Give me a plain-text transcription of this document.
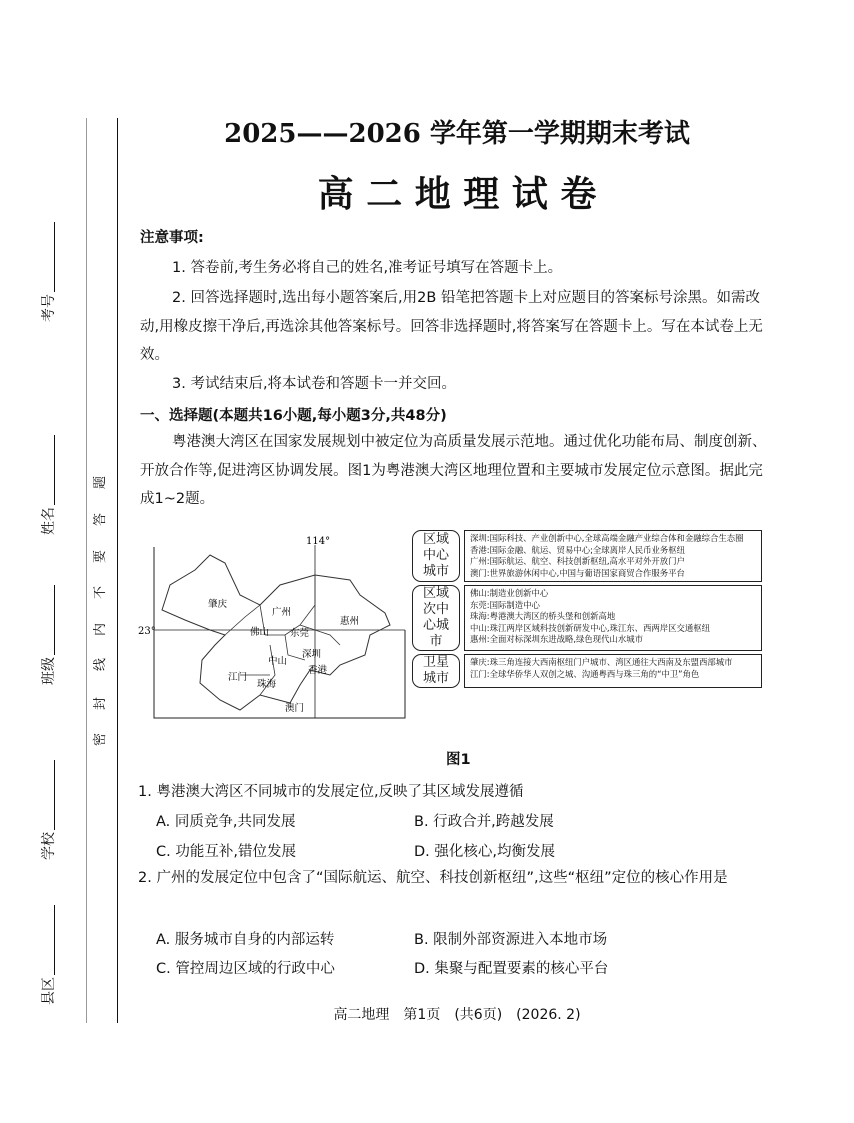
考号
姓名
班级
学校
县区
密
封
线
内
不
要
答
题
2025——2026 学年第一学期期末考试
高 二 地 理 试 卷
注意事项:
1. 答卷前,考生务必将自己的姓名,准考证号填写在答题卡上。
2. 回答选择题时,选出每小题答案后,用2B 铅笔把答题卡上对应题目的答案标号涂黑。如需改动,用橡皮擦干净后,再选涂其他答案标号。回答非选择题时,将答案写在答题卡上。写在本试卷上无效。
3. 考试结束后,将本试卷和答题卡一并交回。
一、选择题(本题共16小题,每小题3分,共48分)
粤港澳大湾区在国家发展规划中被定位为高质量发展示范地。通过优化功能布局、制度创新、开放合作等,促进湾区协调发展。图1为粤港澳大湾区地理位置和主要城市发展定位示意图。据此完成1~2题。
114°
23°
肇庆
广州
惠州
佛山 东莞
深圳
中山
江门
珠海
香港
澳门
区域中心城市
深圳:国际科技、产业创新中心,全球高端金融产业综合体和金融综合生态圈
香港:国际金融、航运、贸易中心;全球离岸人民币业务枢纽
广州:国际航运、航空、科技创新枢纽,高水平对外开放门户
澳门:世界旅游休闲中心,中国与葡语国家商贸合作服务平台
区域次中心城市
佛山:制造业创新中心
东莞:国际制造中心
珠海:粤港澳大湾区的桥头堡和创新高地
中山:珠江两岸区域科技创新研发中心,珠江东、西两岸区交通枢纽
惠州:全面对标深圳东进战略,绿色现代山水城市
卫星城市
肇庆:珠三角连接大西南枢纽门户城市、湾区通往大西南及东盟西部城市
江门:全球华侨华人双创之城、沟通粤西与珠三角的“中卫”角色
图1
1. 粤港澳大湾区不同城市的发展定位,反映了其区域发展遵循
A. 同质竞争,共同发展	B. 行政合并,跨越发展
C. 功能互补,错位发展	D. 强化核心,均衡发展
2. 广州的发展定位中包含了“国际航运、航空、科技创新枢纽”,这些“枢纽”定位的核心作用是
A. 服务城市自身的内部运转	B. 限制外部资源进入本地市场
C. 管控周边区域的行政中心	D. 集聚与配置要素的核心平台
高二地理　第1页　(共6页)　(2026. 2)
